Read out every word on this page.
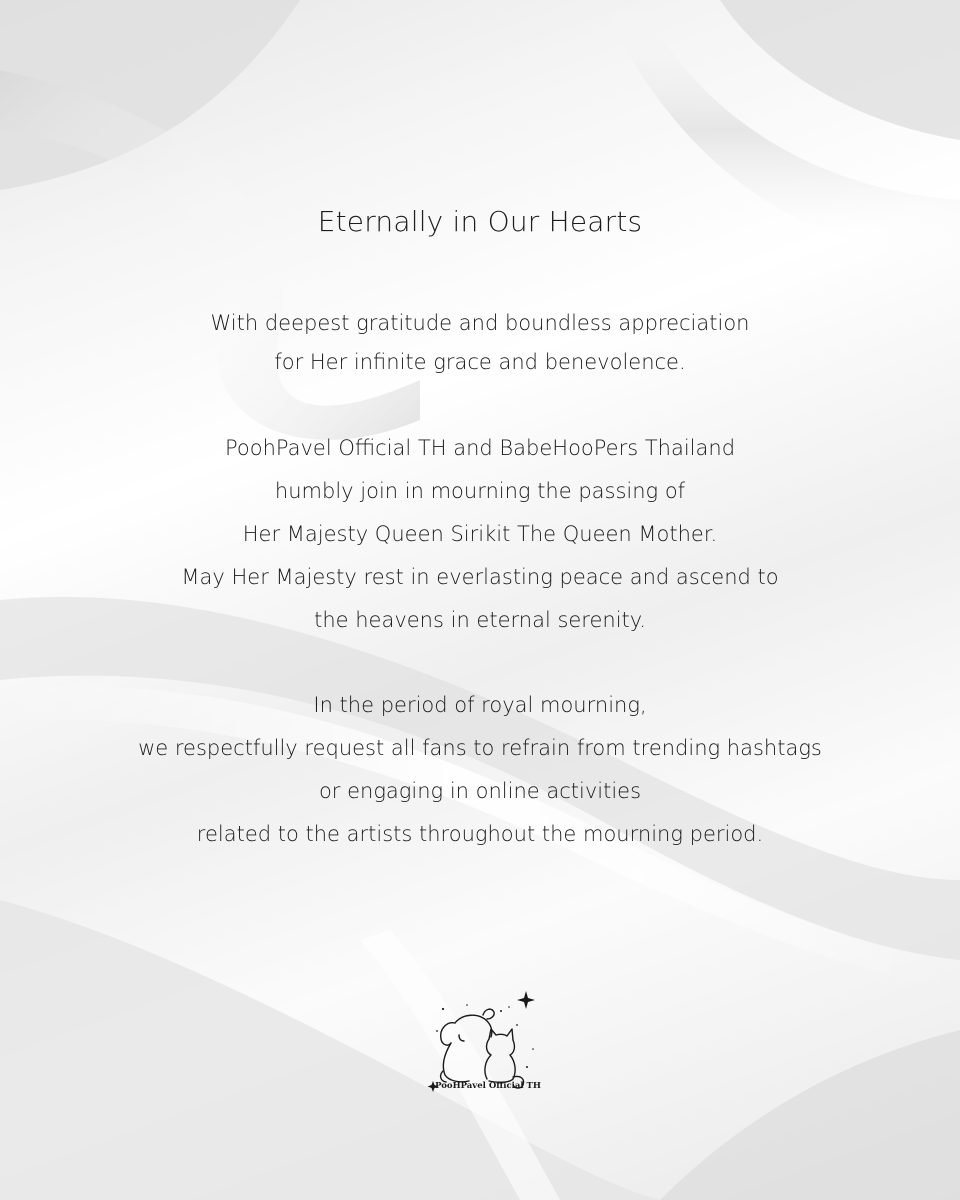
Eternally in Our Hearts
With deepest gratitude and boundless appreciation
for Her infinite grace and benevolence.
PoohPavel Official TH and BabeHooPers Thailand
humbly join in mourning the passing of
Her Majesty Queen Sirikit The Queen Mother.
May Her Majesty rest in everlasting peace and ascend to
the heavens in eternal serenity.
In the period of royal mourning,
we respectfully request all fans to refrain from trending hashtags
or engaging in online activities
related to the artists throughout the mourning period.
PooHPavel Official TH
